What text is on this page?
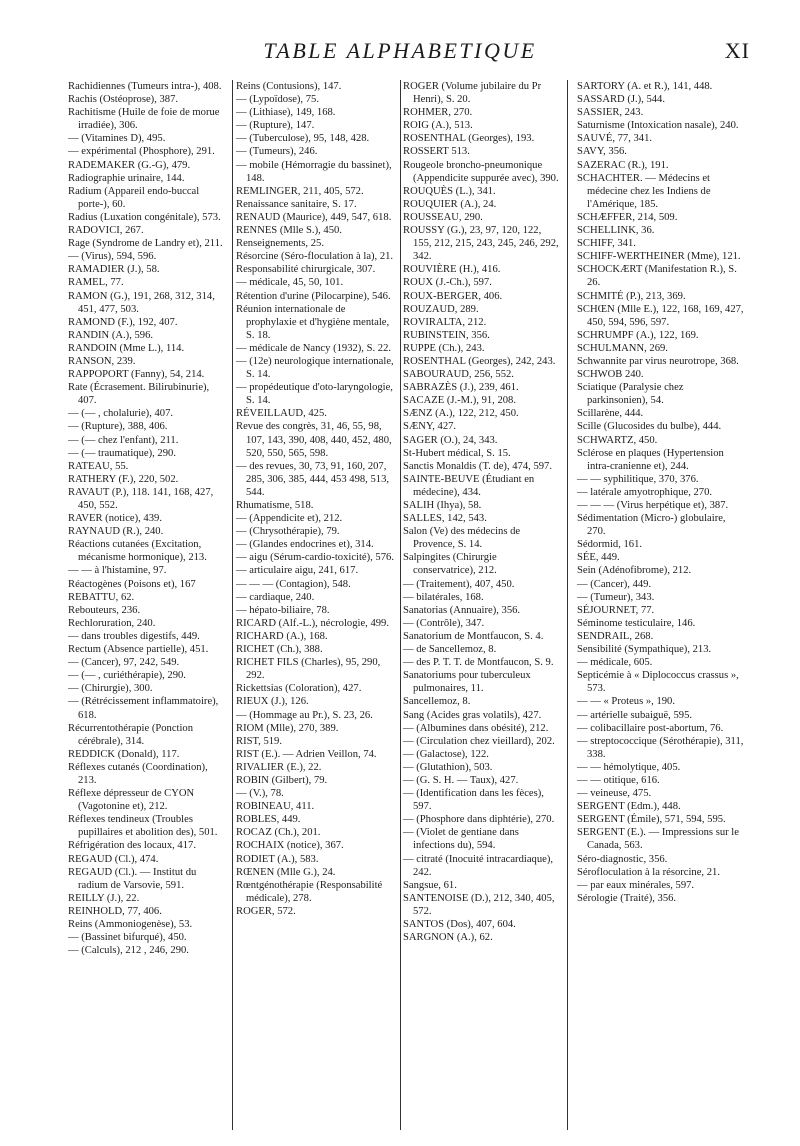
TABLE ALPHABETIQUE	XI

Rachidiennes (Tumeurs intra-), 408.

Rachis (Ostéoprose), 387.

Rachitisme (Huile de foie de morue irradiée), 306.

— (Vitamines D), 495.

— expérimental (Phosphore), 291.

RADEMAKER (G.-G), 479.

Radiographie urinaire, 144.

Radium (Appareil endo-buccal porte-), 60.

Radius (Luxation congénitale), 573.

RADOVICI, 267.

Rage (Syndrome de Landry et), 211.

— (Virus), 594, 596.

RAMADIER (J.), 58.

RAMEL, 77.

RAMON (G.), 191, 268, 312, 314, 451, 477, 503.

RAMOND (F.), 192, 407.

RANDIN (A.), 596.

RANDOIN (Mme L.), 114.

RANSON, 239.

RAPPOPORT (Fanny), 54, 214.

Rate (Écrasement. Bilirubinurie), 407.

— (— , cholalurie), 407.

— (Rupture), 388, 406.

— (— chez l'enfant), 211.

— (— traumatique), 290.

RATEAU, 55.

RATHERY (F.), 220, 502.

RAVAUT (P.), 118. 141, 168, 427, 450, 552.

RAVER (notice), 439.

RAYNAUD (R.), 240.

Réactions cutanées (Excitation, mécanisme hormonique), 213.

— — à l'histamine, 97.

Réactogènes (Poisons et), 167

REBATTU, 62.

Rebouteurs, 236.

Rechloruration, 240.

— dans troubles digestifs, 449.

Rectum (Absence partielle), 451.

— (Cancer), 97, 242, 549.

— (— , curiéthérapie), 290.

— (Chirurgie), 300.

— (Rétrécissement inflammatoire), 618.

Récurrentothérapie (Ponction cérébrale), 314.

REDDICK (Donald), 117.

Réflexes cutanés (Coordination), 213.

Réflexe dépresseur de CYON (Vagotonine et), 212.

Réflexes tendineux (Troubles pupillaires et abolition des), 501.

Réfrigération des locaux, 417.

REGAUD (Cl.), 474.

REGAUD (Cl.). — Institut du radium de Varsovie, 591.

REILLY (J.), 22.

REINHOLD, 77, 406.

Reins (Ammoniogenèse), 53.

— (Bassinet bifurqué), 450.

— (Calculs), 212 , 246, 290.

Reins (Contusions), 147.

— (Lypoïdose), 75.

— (Lithiase), 149, 168.

— (Rupture), 147.

— (Tuberculose), 95, 148, 428.

— (Tumeurs), 246.

— mobile (Hémorragie du bassinet), 148.

REMLINGER, 211, 405, 572.

Renaissance sanitaire, S. 17.

RENAUD (Maurice), 449, 547, 618.

RENNES (Mlle S.), 450.

Renseignements, 25.

Résorcine (Séro-floculation à la), 21.

Responsabilité chirurgicale, 307.

— médicale, 45, 50, 101.

Rétention d'urine (Pilocarpine), 546.

Réunion internationale de prophylaxie et d'hygiène mentale, S. 18.

— médicale de Nancy (1932), S. 22.

— (12e) neurologique internationale, S. 14.

— propédeutique d'oto-laryngologie, S. 14.

RÉVEILLAUD, 425.

Revue des congrès, 31, 46, 55, 98, 107, 143, 390, 408, 440, 452, 480, 520, 550, 565, 598.

— des revues, 30, 73, 91, 160, 207, 285, 306, 385, 444, 453 498, 513, 544.

Rhumatisme, 518.

— (Appendicite et), 212.

— (Chrysothérapie), 79.

— (Glandes endocrines et), 314.

— aigu (Sérum-cardio-toxicité), 576.

— articulaire aigu, 241, 617.

— — — (Contagion), 548.

— cardiaque, 240.

— hépato-biliaire, 78.

RICARD (Alf.-L.), nécrologie, 499.

RICHARD (A.), 168.

RICHET (Ch.), 388.

RICHET FILS (Charles), 95, 290, 292.

Rickettsias (Coloration), 427.

RIEUX (J.), 126.

— (Hommage au Pr.), S. 23, 26.

RIOM (Mlle), 270, 389.

RIST, 519.

RIST (E.). — Adrien Veillon, 74.

RIVALIER (E.), 22.

ROBIN (Gilbert), 79.

— (V.), 78.

ROBINEAU, 411.

ROBLES, 449.

ROCAZ (Ch.), 201.

ROCHAIX (notice), 367.

RODIET (A.), 583.

RŒNEN (Mlle G.), 24.

Rœntgénothérapie (Responsabilité médicale), 278.

ROGER, 572.

ROGER (Volume jubilaire du Pr Henri), S. 20.

ROHMER, 270.

ROIG (A.), 513.

ROSENTHAL (Georges), 193.

ROSSERT 513.

Rougeole broncho-pneumonique (Appendicite suppurée avec), 390.

ROUQUÈS (L.), 341.

ROUQUIER (A.), 24.

ROUSSEAU, 290.

ROUSSY (G.), 23, 97, 120, 122, 155, 212, 215, 243, 245, 246, 292, 342.

ROUVIÈRE (H.), 416.

ROUX (J.-Ch.), 597.

ROUX-BERGER, 406.

ROUZAUD, 289.

ROVIRALTA, 212.

RUBINSTEIN, 356.

RUPPE (Ch.), 243.

ROSENTHAL (Georges), 242, 243.

SABOURAUD, 256, 552.

SABRAZÈS (J.), 239, 461.

SACAZE (J.-M.), 91, 208.

SÆNZ (A.), 122, 212, 450.

SÆNY, 427.

SAGER (O.), 24, 343.

St-Hubert médical, S. 15.

Sanctis Monaldis (T. de), 474, 597.

SAINTE-BEUVE (Étudiant en médecine), 434.

SALIH (Ihya), 58.

SALLES, 142, 543.

Salon (Ve) des médecins de Provence, S. 14.

Salpingites (Chirurgie conservatrice), 212.

— (Traitement), 407, 450.

— bilatérales, 168.

Sanatorias (Annuaire), 356.

— (Contrôle), 347.

Sanatorium de Montfaucon, S. 4.

— de Sancellemoz, 8.

— des P. T. T. de Montfaucon, S. 9.

Sanatoriums pour tuberculeux pulmonaires, 11.

Sancellemoz, 8.

Sang (Acides gras volatils), 427.

— (Albumines dans obésité), 212.

— (Circulation chez vieillard), 202.

— (Galactose), 122.

— (Glutathion), 503.

— (G. S. H. — Taux), 427.

— (Identification dans les fèces), 597.

— (Phosphore dans diphtérie), 270.

— (Violet de gentiane dans infections du), 594.

— citraté (Inocuité intracardiaque), 242.

Sangsue, 61.

SANTENOISE (D.), 212, 340, 405, 572.

SANTOS (Dos), 407, 604.

SARGNON (A.), 62.

SARTORY (A. et R.), 141, 448.

SASSARD (J.), 544.

SASSIER, 243.

Saturnisme (Intoxication nasale), 240.

SAUVÉ, 77, 341.

SAVY, 356.

SAZERAC (R.), 191.

SCHACHTER. — Médecins et médecine chez les Indiens de l'Amérique, 185.

SCHÆFFER, 214, 509.

SCHELLINK, 36.

SCHIFF, 341.

SCHIFF-WERTHEINER (Mme), 121.

SCHOCKÆRT (Manifestation R.), S. 26.

SCHMITÉ (P.), 213, 369.

SCHŒN (Mlle E.), 122, 168, 169, 427, 450, 594, 596, 597.

SCHRUMPF (A.), 122, 169.

SCHULMANN, 269.

Schwannite par virus neurotrope, 368.

SCHWOB 240.

Sciatique (Paralysie chez parkinsonien), 54.

Scillarène, 444.

Scille (Glucosides du bulbe), 444.

SCHWARTZ, 450.

Sclérose en plaques (Hypertension intra-cranienne et), 244.

— — syphilitique, 370, 376.

— latérale amyotrophique, 270.

— — — (Virus herpétique et), 387.

Sédimentation (Micro-) globulaire, 270.

Sédormid, 161.

SÉE, 449.

Sein (Adénofibrome), 212.

— (Cancer), 449.

— (Tumeur), 343.

SÉJOURNET, 77.

Séminome testiculaire, 146.

SENDRAIL, 268.

Sensibilité (Sympathique), 213.

— médicale, 605.

Septicémie à « Diplococcus crassus », 573.

— — « Proteus », 190.

— artérielle subaiguë, 595.

— colibacillaire post-abortum, 76.

— streptococcique (Sérothérapie), 311, 338.

— — hémolytique, 405.

— — otitique, 616.

— veineuse, 475.

SERGENT (Edm.), 448.

SERGENT (Émile), 571, 594, 595.

SERGENT (E.). — Impressions sur le Canada, 563.

Séro-diagnostic, 356.

Sérofloculation à la résorcine, 21.

— par eaux minérales, 597.

Sérologie (Traité), 356.
